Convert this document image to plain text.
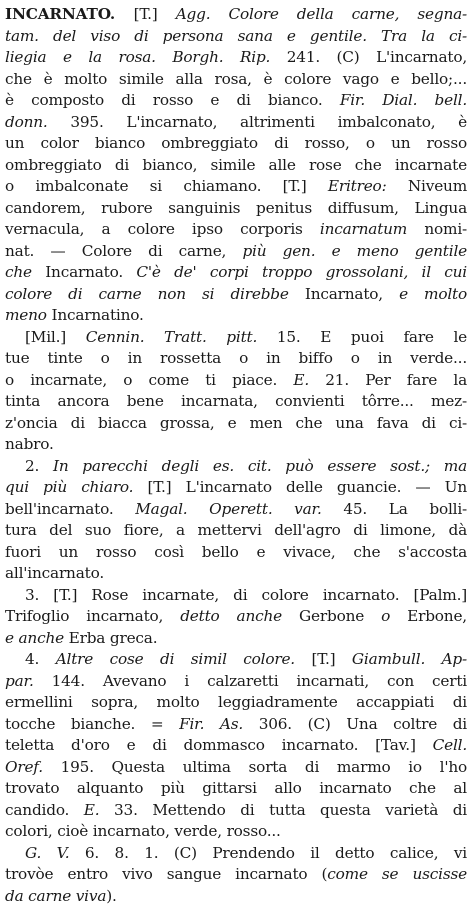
INCARNATO. [T.] Agg. Colore della carne, segna-
tam. del viso di persona sana e gentile. Tra la ci-
liegia e la rosa. Borgh. Rip. 241. (C) L'incarnato,
che è molto simile alla rosa, è colore vago e bello;...
è composto di rosso e di bianco. Fir. Dial. bell.
donn. 395. L'incarnato, altrimenti imbalconato, è
un color bianco ombreggiato di rosso, o un rosso
ombreggiato di bianco, simile alle rose che incarnate
o imbalconate si chiamano. [T.] Eritreo: Niveum
candorem, rubore sanguinis penitus diffusum, Lingua
vernacula, a colore ipso corporis incarnatum nomi-
nat. — Colore di carne, più gen. e meno gentile
che Incarnato. C'è de' corpi troppo grossolani, il cui
colore di carne non si direbbe Incarnato, e molto
meno Incarnatino.
[Mil.] Cennin. Tratt. pitt. 15. E puoi fare le
tue tinte o in rossetta o in biffo o in verde...
o incarnate, o come ti piace. E. 21. Per fare la
tinta ancora bene incarnata, convienti tôrre... mez-
z'oncia di biacca grossa, e men che una fava di ci-
nabro.
2. In parecchi degli es. cit. può essere sost.; ma
qui più chiaro. [T.] L'incarnato delle guancie. — Un
bell'incarnato. Magal. Operett. var. 45. La bolli-
tura del suo fiore, a mettervi dell'agro di limone, dà
fuori un rosso così bello e vivace, che s'accosta
all'incarnato.
3. [T.] Rose incarnate, di colore incarnato. [Palm.]
Trifoglio incarnato, detto anche Gerbone o Erbone,
e anche Erba greca.
4. Altre cose di simil colore. [T.] Giambull. Ap-
par. 144. Avevano i calzaretti incarnati, con certi
ermellini sopra, molto leggiadramente accappiati di
tocche bianche. = Fir. As. 306. (C) Una coltre di
teletta d'oro e di dommasco incarnato. [Tav.] Cell.
Oref. 195. Questa ultima sorta di marmo io l'ho
trovato alquanto più gittarsi allo incarnato che al
candido. E. 33. Mettendo di tutta questa varietà di
colori, cioè incarnato, verde, rosso...
G. V. 6. 8. 1. (C) Prendendo il detto calice, vi
trovòe entro vivo sangue incarnato (come se uscisse
da carne viva).
